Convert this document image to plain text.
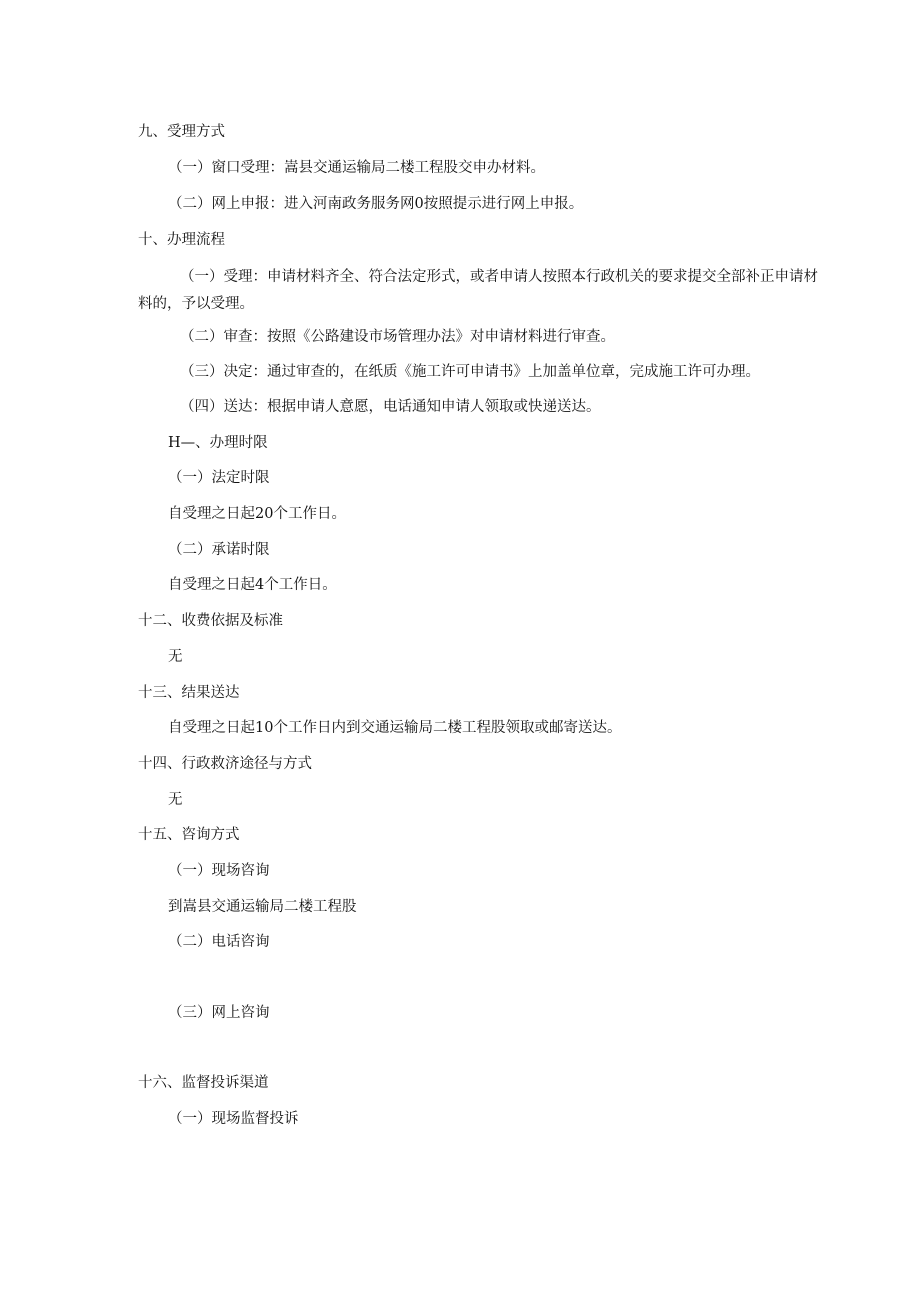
九、受理方式
（一）窗口受理：嵩县交通运输局二楼工程股交申办材料。
（二）网上申报：进入河南政务服务网0按照提示进行网上申报。
十、办理流程
（一）受理：申请材料齐全、符合法定形式，或者申请人按照本行政机关的要求提交全部补正申请材料的，予以受理。
（二）审查：按照《公路建设市场管理办法》对申请材料进行审查。
（三）决定：通过审查的，在纸质《施工许可申请书》上加盖单位章，完成施工许可办理。
（四）送达：根据申请人意愿，电话通知申请人领取或快递送达。
H—、办理时限
（一）法定时限
自受理之日起20个工作日。
（二）承诺时限
自受理之日起4个工作日。
十二、收费依据及标准
无
十三、结果送达
自受理之日起10个工作日内到交通运输局二楼工程股领取或邮寄送达。
十四、行政救济途径与方式
无
十五、咨询方式
（一）现场咨询
到嵩县交通运输局二楼工程股
（二）电话咨询
（三）网上咨询
十六、监督投诉渠道
（一）现场监督投诉
